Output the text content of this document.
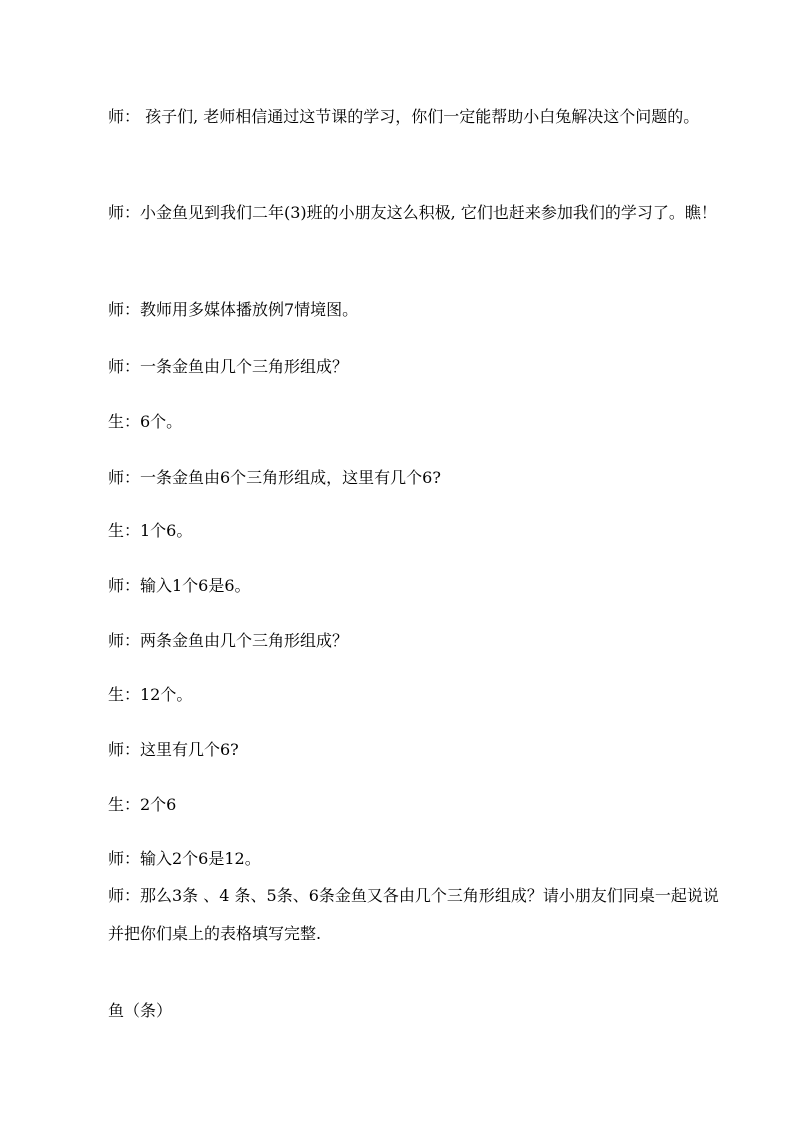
师： 孩子们, 老师相信通过这节课的学习，你们一定能帮助小白兔解决这个问题的。

师：小金鱼见到我们二年(3)班的小朋友这么积极, 它们也赶来参加我们的学习了。瞧！

师：教师用多媒体播放例7情境图。

师：一条金鱼由几个三角形组成？

生：6个。

师：一条金鱼由6个三角形组成，这里有几个6?

生：1个6。

师：输入1个6是6。

师：两条金鱼由几个三角形组成？

生：12个。

师：这里有几个6?

生：2个6

师：输入2个6是12。

师：那么3条 、4 条、5条、6条金鱼又各由几个三角形组成？请小朋友们同桌一起说说 并把你们桌上的表格填写完整.

鱼（条）
